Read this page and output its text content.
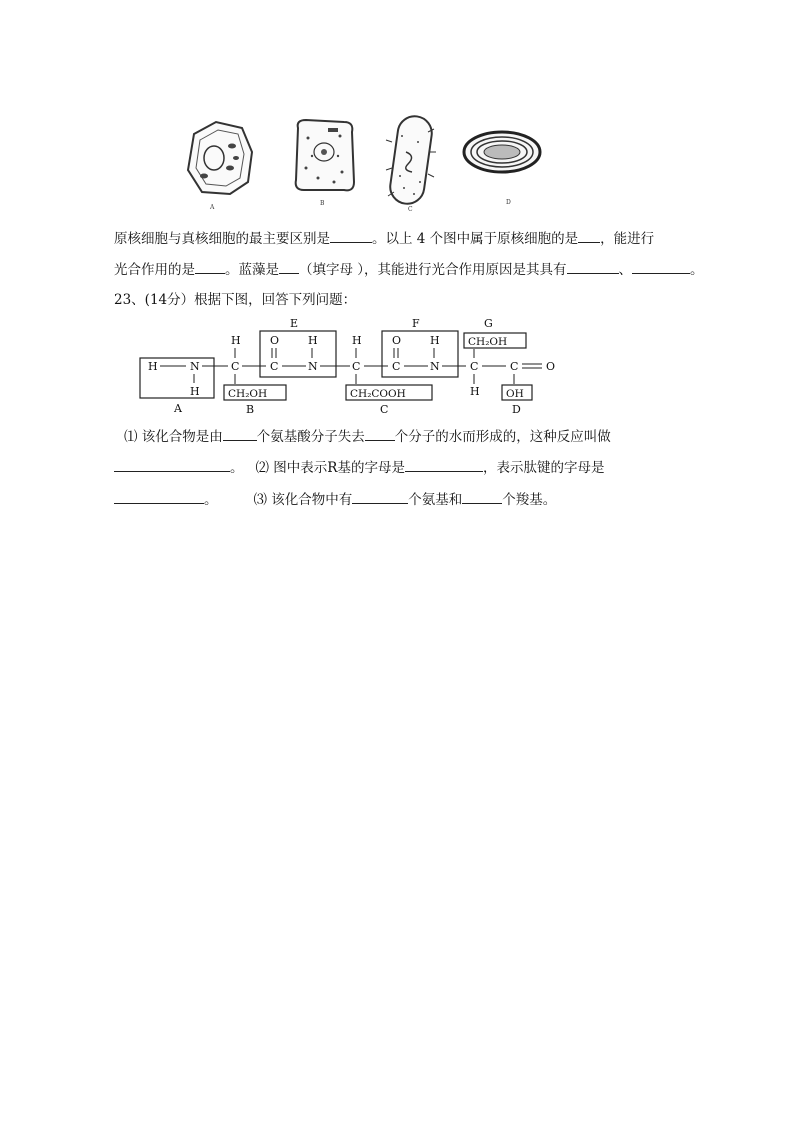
A
B
C
D
原核细胞与真核细胞的最主要区别是	。以上 4 个图中属于原核细胞的是 ，能进行
光合作用的是 。蓝藻是 （填字母 ），其能进行光合作用原因是其具有	、	。
23、(14分）根据下图，回答下列问题：
E	F	G
H	N
H
A
H
C
CH₂OH
B
O
C
H
N
H
C
CH₂COOH
C
O
C
H
N
CH₂OH
C
H
C	O
OH
D
⑴ 该化合物是由	个氨基酸分子失去 个分子的水而形成的，这种反应叫做
。 ⑵ 图中表示R基的字母是	，表示肽键的字母是
。	⑶ 该化合物中有	个氨基和	个羧基。
